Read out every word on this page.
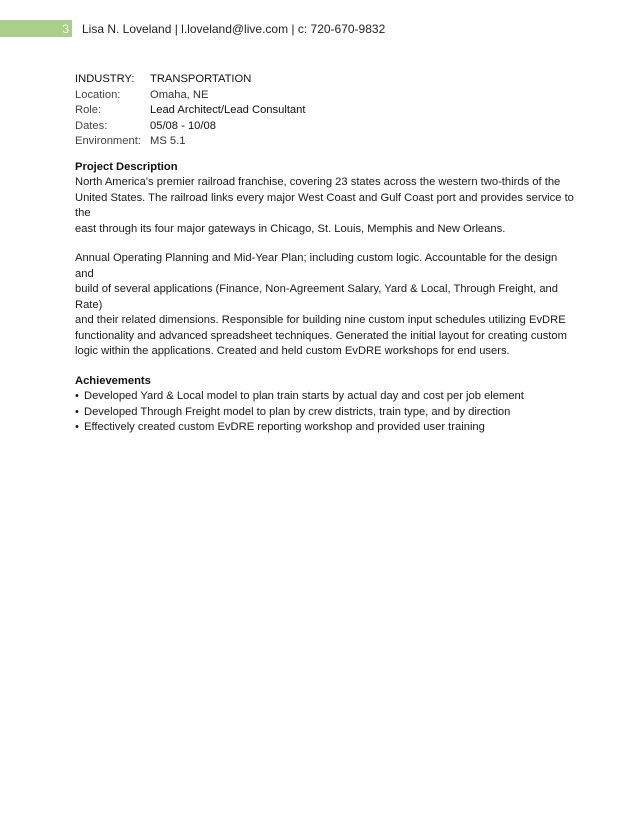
3 Lisa N. Loveland | l.loveland@live.com | c: 720-670-9832
INDUSTRY:	TRANSPORTATION
Location:	Omaha, NE
Role:	Lead Architect/Lead Consultant
Dates:	05/08 - 10/08
Environment: MS 5.1
Project Description
North America's premier railroad franchise, covering 23 states across the western two-thirds of the
United States. The railroad links every major West Coast and Gulf Coast port and provides service to the
east through its four major gateways in Chicago, St. Louis, Memphis and New Orleans.
Annual Operating Planning and Mid-Year Plan; including custom logic. Accountable for the design and
build of several applications (Finance, Non-Agreement Salary, Yard & Local, Through Freight, and Rate)
and their related dimensions. Responsible for building nine custom input schedules utilizing EvDRE
functionality and advanced spreadsheet techniques. Generated the initial layout for creating custom
logic within the applications. Created and held custom EvDRE workshops for end users.
Achievements
• Developed Yard & Local model to plan train starts by actual day and cost per job element
• Developed Through Freight model to plan by crew districts, train type, and by direction
• Effectively created custom EvDRE reporting workshop and provided user training
